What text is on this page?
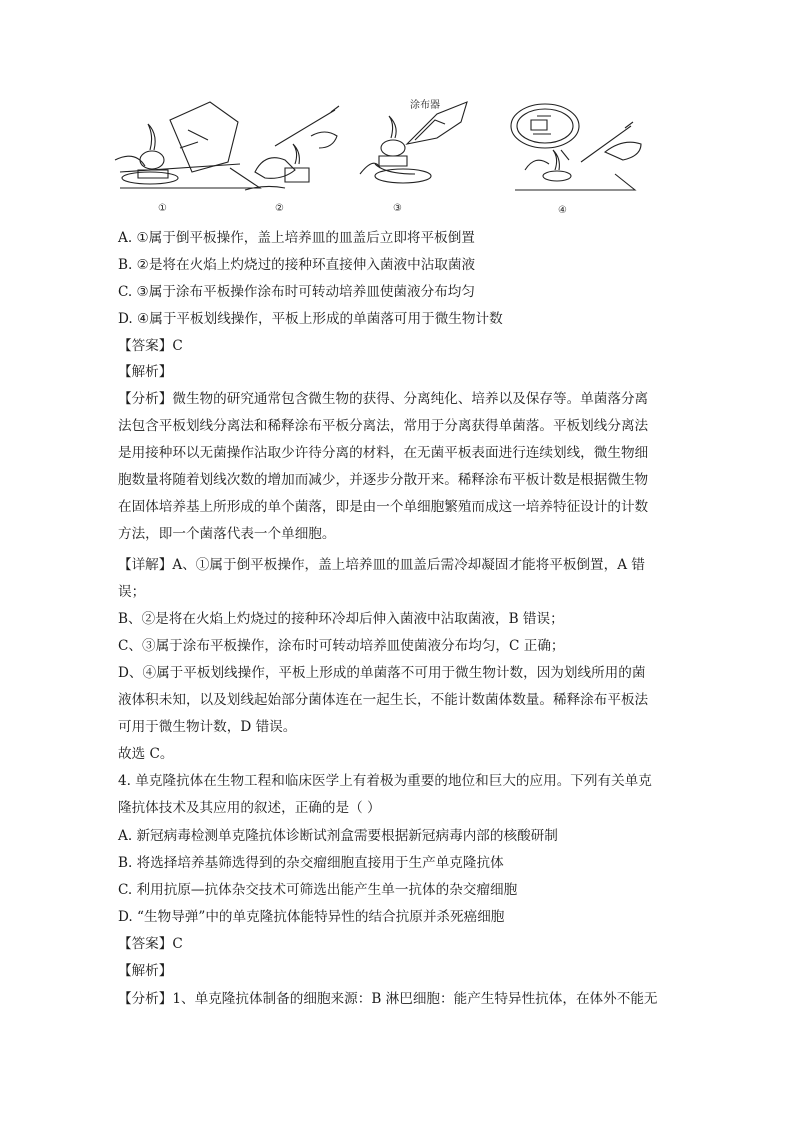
涂布器
①	②	③	④
A. ①属于倒平板操作，盖上培养皿的皿盖后立即将平板倒置
B. ②是将在火焰上灼烧过的接种环直接伸入菌液中沾取菌液
C. ③属于涂布平板操作涂布时可转动培养皿使菌液分布均匀
D. ④属于平板划线操作，平板上形成的单菌落可用于微生物计数
【答案】C
【解析】
【分析】微生物的研究通常包含微生物的获得、分离纯化、培养以及保存等。单菌落分离
法包含平板划线分离法和稀释涂布平板分离法，常用于分离获得单菌落。平板划线分离法
是用接种环以无菌操作沾取少许待分离的材料，在无菌平板表面进行连续划线，微生物细
胞数量将随着划线次数的增加而减少，并逐步分散开来。稀释涂布平板计数是根据微生物
在固体培养基上所形成的单个菌落，即是由一个单细胞繁殖而成这一培养特征设计的计数
方法，即一个菌落代表一个单细胞。
【详解】A、①属于倒平板操作，盖上培养皿的皿盖后需冷却凝固才能将平板倒置，A 错
误；
B、②是将在火焰上灼烧过的接种环冷却后伸入菌液中沾取菌液，B 错误；
C、③属于涂布平板操作，涂布时可转动培养皿使菌液分布均匀，C 正确；
D、④属于平板划线操作，平板上形成的单菌落不可用于微生物计数，因为划线所用的菌
液体积未知，以及划线起始部分菌体连在一起生长，不能计数菌体数量。稀释涂布平板法
可用于微生物计数，D 错误。
故选 C。
4. 单克隆抗体在生物工程和临床医学上有着极为重要的地位和巨大的应用。下列有关单克
隆抗体技术及其应用的叙述，正确的是（ ）
A. 新冠病毒检测单克隆抗体诊断试剂盒需要根据新冠病毒内部的核酸研制
B. 将选择培养基筛选得到的杂交瘤细胞直接用于生产单克隆抗体
C. 利用抗原—抗体杂交技术可筛选出能产生单一抗体的杂交瘤细胞
D. “生物导弹”中的单克隆抗体能特异性的结合抗原并杀死癌细胞
【答案】C
【解析】
【分析】1、单克隆抗体制备的细胞来源：B 淋巴细胞：能产生特异性抗体，在体外不能无
